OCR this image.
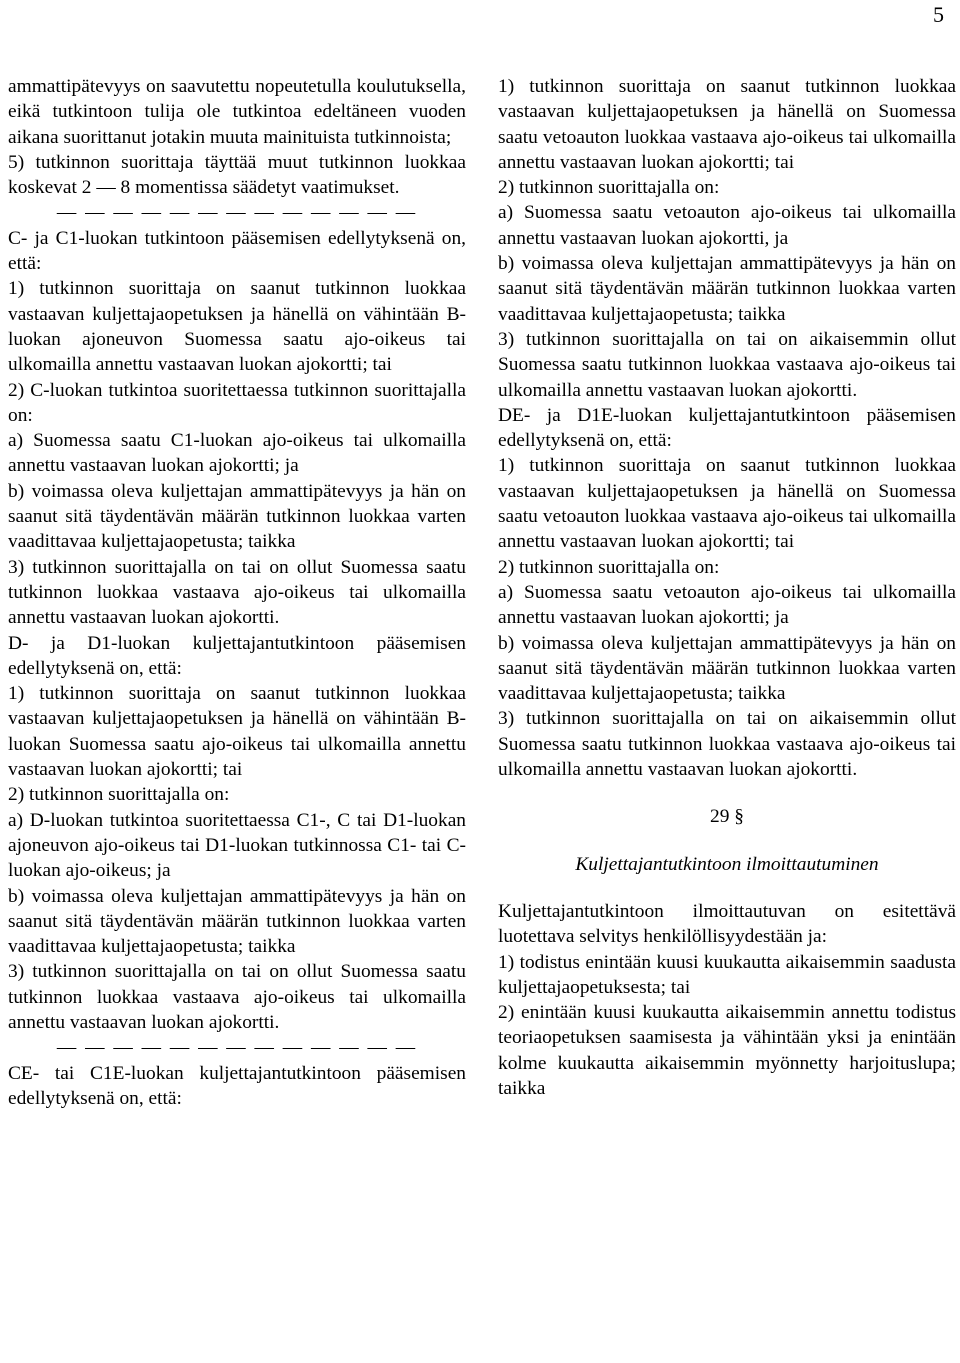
5

ammattipätevyys on saavutettu nopeutetulla koulutuksella, eikä tutkintoon tulija ole tutkintoa edeltäneen vuoden aikana suorittanut jotakin muuta mainituista tutkinnoista;

5) tutkinnon suorittaja täyttää muut tutkinnon luokkaa koskevat 2 — 8 momentissa säädetyt vaatimukset.

— — — — — — — — — — — — —

C- ja C1-luokan tutkintoon pääsemisen edellytyksenä on, että:

1) tutkinnon suorittaja on saanut tutkinnon luokkaa vastaavan kuljettajaopetuksen ja hänellä on vähintään B-luokan ajoneuvon Suomessa saatu ajo-oikeus tai ulkomailla annettu vastaavan luokan ajokortti; tai

2) C-luokan tutkintoa suoritettaessa tutkinnon suorittajalla on:

a) Suomessa saatu C1-luokan ajo-oikeus tai ulkomailla annettu vastaavan luokan ajokortti; ja

b) voimassa oleva kuljettajan ammattipätevyys ja hän on saanut sitä täydentävän määrän tutkinnon luokkaa varten vaadittavaa kuljettajaopetusta; taikka

3) tutkinnon suorittajalla on tai on ollut Suomessa saatu tutkinnon luokkaa vastaava ajo-oikeus tai ulkomailla annettu vastaavan luokan ajokortti.

D- ja D1-luokan kuljettajantutkintoon pääsemisen edellytyksenä on, että:

1) tutkinnon suorittaja on saanut tutkinnon luokkaa vastaavan kuljettajaopetuksen ja hänellä on vähintään B-luokan Suomessa saatu ajo-oikeus tai ulkomailla annettu vastaavan luokan ajokortti; tai

2) tutkinnon suorittajalla on:

a) D-luokan tutkintoa suoritettaessa C1-, C tai D1-luokan ajoneuvon ajo-oikeus tai D1-luokan tutkinnossa C1- tai C-luokan ajo-oikeus; ja

b) voimassa oleva kuljettajan ammattipätevyys ja hän on saanut sitä täydentävän määrän tutkinnon luokkaa varten vaadittavaa kuljettajaopetusta; taikka

3) tutkinnon suorittajalla on tai on ollut Suomessa saatu tutkinnon luokkaa vastaava ajo-oikeus tai ulkomailla annettu vastaavan luokan ajokortti.

— — — — — — — — — — — — —

CE- tai C1E-luokan kuljettajantutkintoon pääsemisen edellytyksenä on, että:

1) tutkinnon suorittaja on saanut tutkinnon luokkaa vastaavan kuljettajaopetuksen ja hänellä on Suomessa saatu vetoauton luokkaa vastaava ajo-oikeus tai ulkomailla annettu vastaavan luokan ajokortti; tai

2) tutkinnon suorittajalla on:

a) Suomessa saatu vetoauton ajo-oikeus tai ulkomailla annettu vastaavan luokan ajokortti, ja

b) voimassa oleva kuljettajan ammattipätevyys ja hän on saanut sitä täydentävän määrän tutkinnon luokkaa varten vaadittavaa kuljettajaopetusta; taikka

3) tutkinnon suorittajalla on tai on aikaisemmin ollut Suomessa saatu tutkinnon luokkaa vastaava ajo-oikeus tai ulkomailla annettu vastaavan luokan ajokortti.

DE- ja D1E-luokan kuljettajantutkintoon pääsemisen edellytyksenä on, että:

1) tutkinnon suorittaja on saanut tutkinnon luokkaa vastaavan kuljettajaopetuksen ja hänellä on Suomessa saatu vetoauton luokkaa vastaava ajo-oikeus tai ulkomailla annettu vastaavan luokan ajokortti; tai

2) tutkinnon suorittajalla on:

a) Suomessa saatu vetoauton ajo-oikeus tai ulkomailla annettu vastaavan luokan ajokortti; ja

b) voimassa oleva kuljettajan ammattipätevyys ja hän on saanut sitä täydentävän määrän tutkinnon luokkaa varten vaadittavaa kuljettajaopetusta; taikka

3) tutkinnon suorittajalla on tai on aikaisemmin ollut Suomessa saatu tutkinnon luokkaa vastaava ajo-oikeus tai ulkomailla annettu vastaavan luokan ajokortti.

29 §

Kuljettajantutkintoon ilmoittautuminen

Kuljettajantutkintoon ilmoittautuvan on esitettävä luotettava selvitys henkilöllisyydestään ja:

1) todistus enintään kuusi kuukautta aikaisemmin saadusta kuljettajaopetuksesta; tai

2) enintään kuusi kuukautta aikaisemmin annettu todistus teoriaopetuksen saamisesta ja vähintään yksi ja enintään kolme kuukautta aikaisemmin myönnetty harjoituslupa; taikka
